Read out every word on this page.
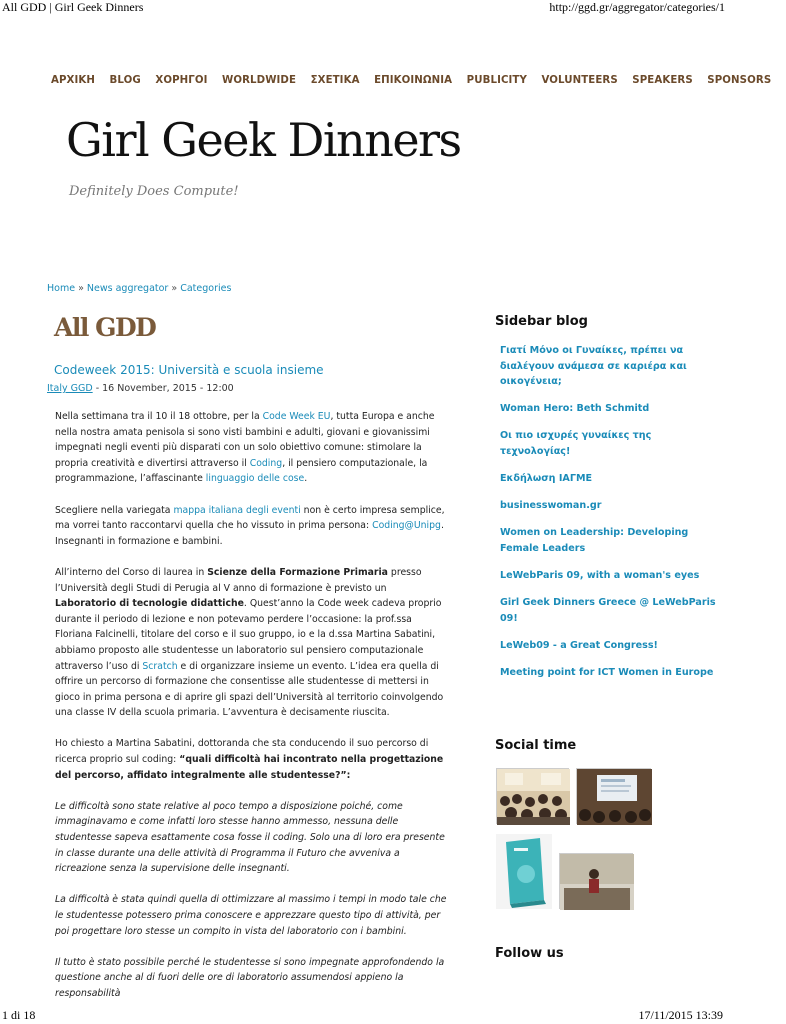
All GDD | Girl Geek Dinners	http://ggd.gr/aggregator/categories/1
ΑΡΧΙΚΗ BLOG ΧΟΡΗΓΟΙ WORLDWIDE ΣΧΕΤΙΚΑ ΕΠΙΚΟΙΝΩΝΙΑ PUBLICITY VOLUNTEERS SPEAKERS SPONSORS
Girl Geek Dinners
Definitely Does Compute!
Home » News aggregator » Categories
All GDD
Codeweek 2015: Università e scuola insieme
Italy GGD - 16 November, 2015 - 12:00

Nella settimana tra il 10 il 18 ottobre, per la Code Week EU, tutta Europa e anche nella nostra amata penisola si sono visti bambini e adulti, giovani e giovanissimi impegnati negli eventi più disparati con un solo obiettivo comune: stimolare la propria creatività e divertirsi attraverso il Coding, il pensiero computazionale, la programmazione, l’affascinante linguaggio delle cose.

Scegliere nella variegata mappa italiana degli eventi non è certo impresa semplice, ma vorrei tanto raccontarvi quella che ho vissuto in prima persona: Coding@Unipg. Insegnanti in formazione e bambini.

All’interno del Corso di laurea in Scienze della Formazione Primaria presso l’Università degli Studi di Perugia al V anno di formazione è previsto un Laboratorio di tecnologie didattiche. Quest’anno la Code week cadeva proprio durante il periodo di lezione e non potevamo perdere l’occasione: la prof.ssa Floriana Falcinelli, titolare del corso e il suo gruppo, io e la d.ssa Martina Sabatini, abbiamo proposto alle studentesse un laboratorio sul pensiero computazionale attraverso l’uso di Scratch e di organizzare insieme un evento. L’idea era quella di offrire un percorso di formazione che consentisse alle studentesse di mettersi in gioco in prima persona e di aprire gli spazi dell’Università al territorio coinvolgendo una classe IV della scuola primaria. L’avventura è decisamente riuscita.

Ho chiesto a Martina Sabatini, dottoranda che sta conducendo il suo percorso di ricerca proprio sul coding: “quali difficoltà hai incontrato nella progettazione del percorso, affidato integralmente alle studentesse?”:

Le difficoltà sono state relative al poco tempo a disposizione poiché, come immaginavamo e come infatti loro stesse hanno ammesso, nessuna delle studentesse sapeva esattamente cosa fosse il coding. Solo una di loro era presente in classe durante una delle attività di Programma il Futuro che avveniva a ricreazione senza la supervisione delle insegnanti.

La difficoltà è stata quindi quella di ottimizzare al massimo i tempi in modo tale che le studentesse potessero prima conoscere e apprezzare questo tipo di attività, per poi progettare loro stesse un compito in vista del laboratorio con i bambini.

Il tutto è stato possibile perché le studentesse si sono impegnate approfondendo la questione anche al di fuori delle ore di laboratorio assumendosi appieno la responsabilità

Sidebar blog
Γιατί Μόνο οι Γυναίκες, πρέπει να
διαλέγουν ανάμεσα σε καριέρα και
οικογένεια;
Woman Hero: Beth Schmitd
Οι πιο ισχυρές γυναίκες της
τεχνολογίας!
Εκδήλωση ΙΑΓΜΕ
businesswoman.gr
Women on Leadership: Developing
Female Leaders
LeWebParis 09, with a woman's eyes
Girl Geek Dinners Greece @ LeWebParis
09!
LeWeb09 - a Great Congress!
Meeting point for ICT Women in Europe
Social time
Follow us
1 di 18	17/11/2015 13:39
